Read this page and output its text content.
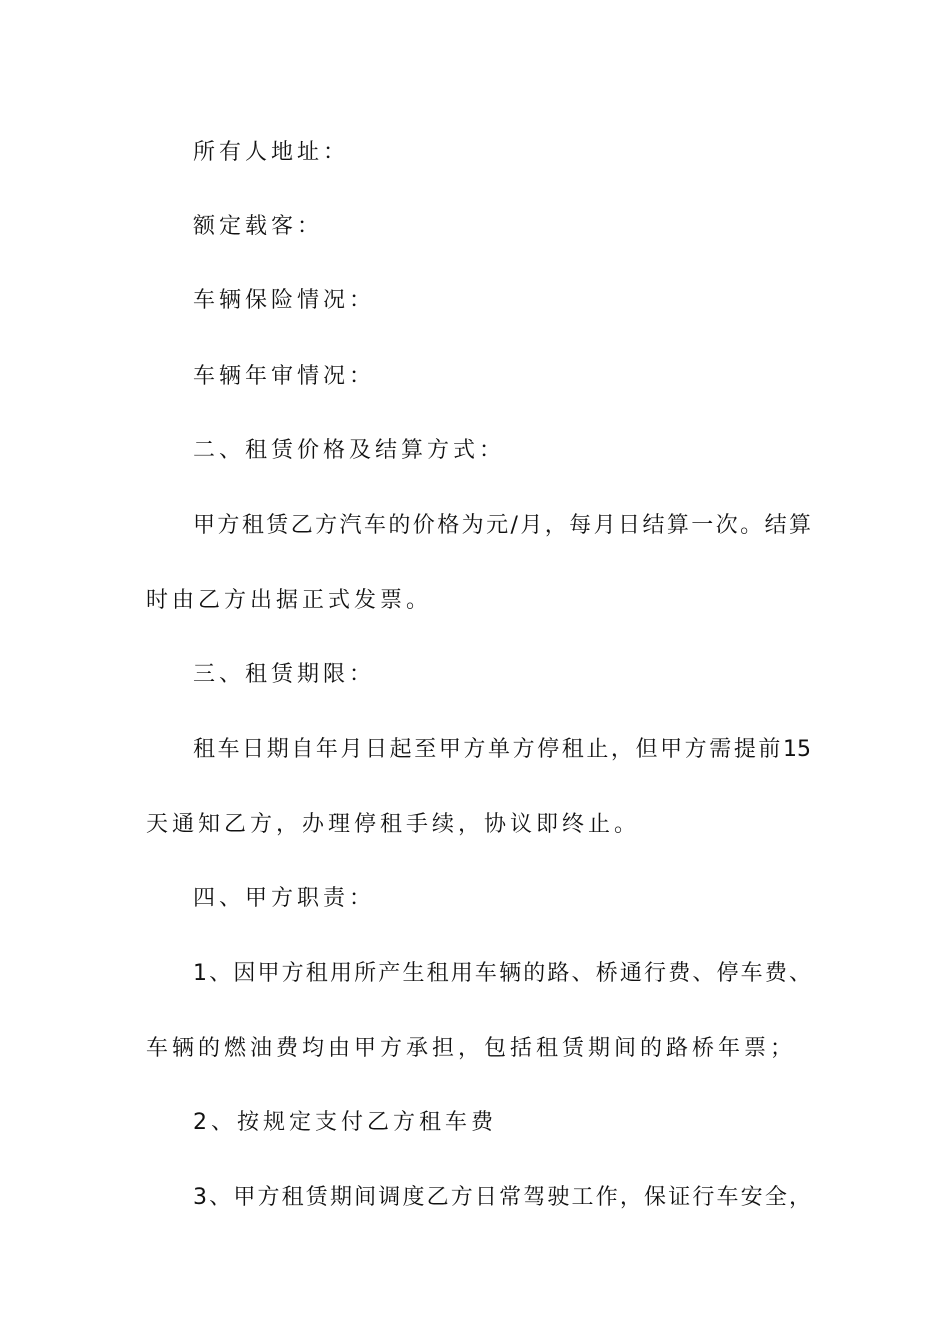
所有人地址：
额定载客：
车辆保险情况：
车辆年审情况：
二、租赁价格及结算方式：
甲方租赁乙方汽车的价格为元/月，每月日结算一次。结算
时由乙方出据正式发票。
三、租赁期限：
租车日期自年月日起至甲方单方停租止，但甲方需提前15
天通知乙方，办理停租手续，协议即终止。
四、甲方职责：
1、因甲方租用所产生租用车辆的路、桥通行费、停车费、
车辆的燃油费均由甲方承担，包括租赁期间的路桥年票；
2、按规定支付乙方租车费
3、甲方租赁期间调度乙方日常驾驶工作，保证行车安全，
